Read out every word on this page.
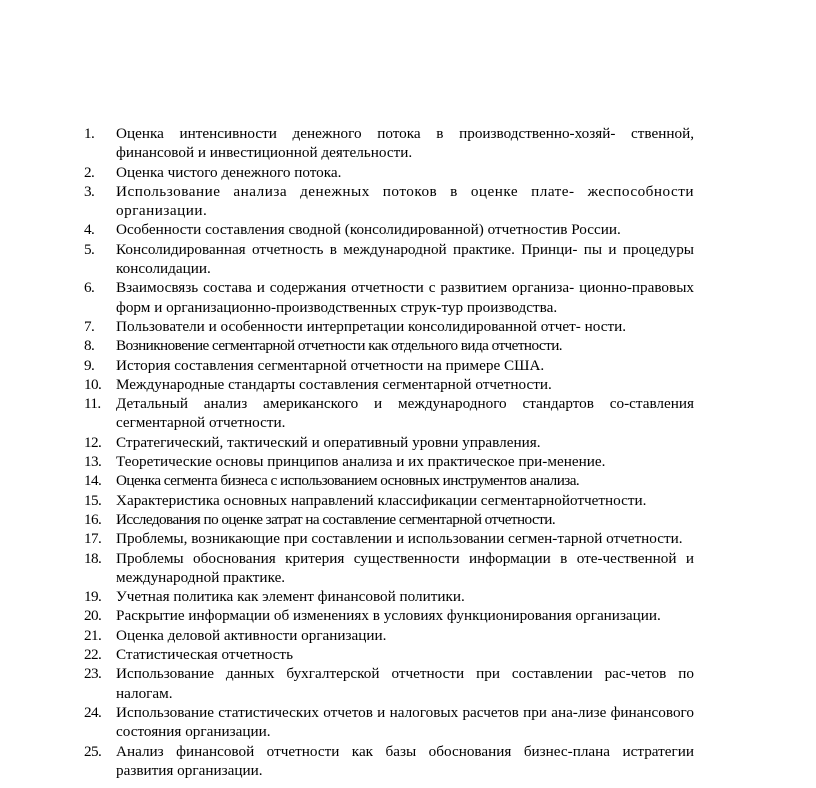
1.	Оценка интенсивности денежного потока в производственно-хозяй- ственной, финансовой и инвестиционной деятельности.
2.	Оценка чистого денежного потока.
3.	Использование анализа денежных потоков в оценке плате- жеспособности организации.
4.	Особенности составления сводной (консолидированной) отчетностив России.
5.	Консолидированная отчетность в международной практике. Принци- пы и процедуры консолидации.
6.	Взаимосвязь состава и содержания отчетности с развитием организа- ционно-правовых форм и организационно-производственных струк-тур производства.
7.	Пользователи и особенности интерпретации консолидированной отчет- ности.
8.	Возникновение сегментарной отчетности как отдельного вида отчетности.
9.	История составления сегментарной отчетности на примере США.
10. Международные стандарты составления сегментарной отчетности.
11.	Детальный анализ американского и международного стандартов со-ставления сегментарной отчетности.
12. Стратегический, тактический и оперативный уровни управления.
13. Теоретические основы принципов анализа и их практическое при-менение.
14. Оценка сегмента бизнеса с использованием основных инструментов анализа.
15. Характеристика основных направлений классификации сегментарнойотчетности.
16. Исследования по оценке затрат на составление сегментарной отчетности.
17. Проблемы, возникающие при составлении и использовании сегмен-тарной отчетности.
18. Проблемы обоснования критерия существенности информации в оте-чественной и международной практике.
19. Учетная политика как элемент финансовой политики.
20. Раскрытие информации об изменениях в условиях функционирования организации.
21. Оценка деловой активности организации.
22. Статистическая отчетность
23. Использование данных бухгалтерской отчетности при составлении рас-четов по налогам.
24. Использование статистических отчетов и налоговых расчетов при ана-лизе финансового состояния организации.
25. Анализ финансовой отчетности как базы обоснования бизнес-плана истратегии развития организации.
